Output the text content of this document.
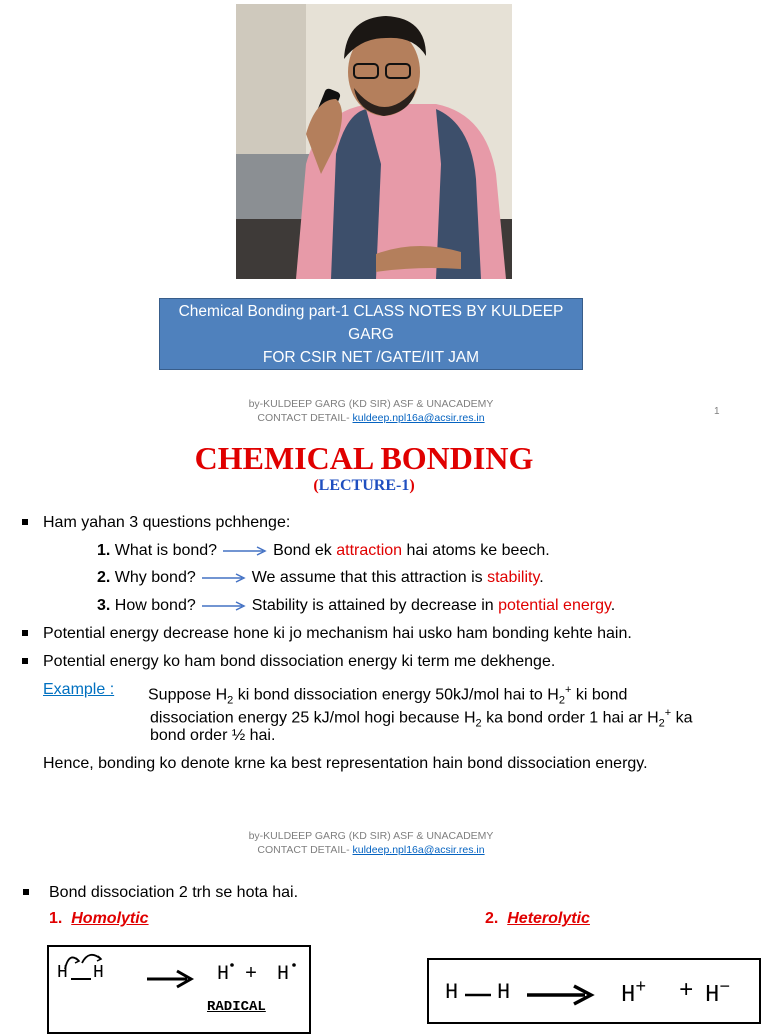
Chemical Bonding part-1 CLASS NOTES BY KULDEEP
GARG
FOR CSIR NET /GATE/IIT JAM
by-KULDEEP GARG (KD SIR) ASF & UNACADEMY
CONTACT DETAIL- kuldeep.npl16a@acsir.res.in
1
CHEMICAL BONDING
(LECTURE-1)
Ham yahan 3 questions pchhenge:
1. What is bond?	Bond ek attraction hai atoms ke beech.
2. Why bond?	We assume that this attraction is stability.
3. How bond?	Stability is attained by decrease in potential energy.
Potential energy decrease hone ki jo mechanism hai usko ham bonding kehte hain.
Potential energy ko ham bond dissociation energy ki term me dekhenge.
Example : Suppose $H_2$ ki bond dissociation energy 50kJ/mol hai to $H_2^+$ ki bond
dissociation energy 25 kJ/mol hogi because $H_2$ ka bond order 1 hai ar $H_2^+$ ka
bond order ½ hai.
Hence, bonding ko denote krne ka best representation hain bond dissociation energy.
by-KULDEEP GARG (KD SIR) ASF & UNACADEMY
CONTACT DETAIL- kuldeep.npl16a@acsir.res.in
Bond dissociation 2 trh se hota hai.
1. Homolytic	2. Heterolytic
H H	H + H
RADICAL
H H	H+ + H−
